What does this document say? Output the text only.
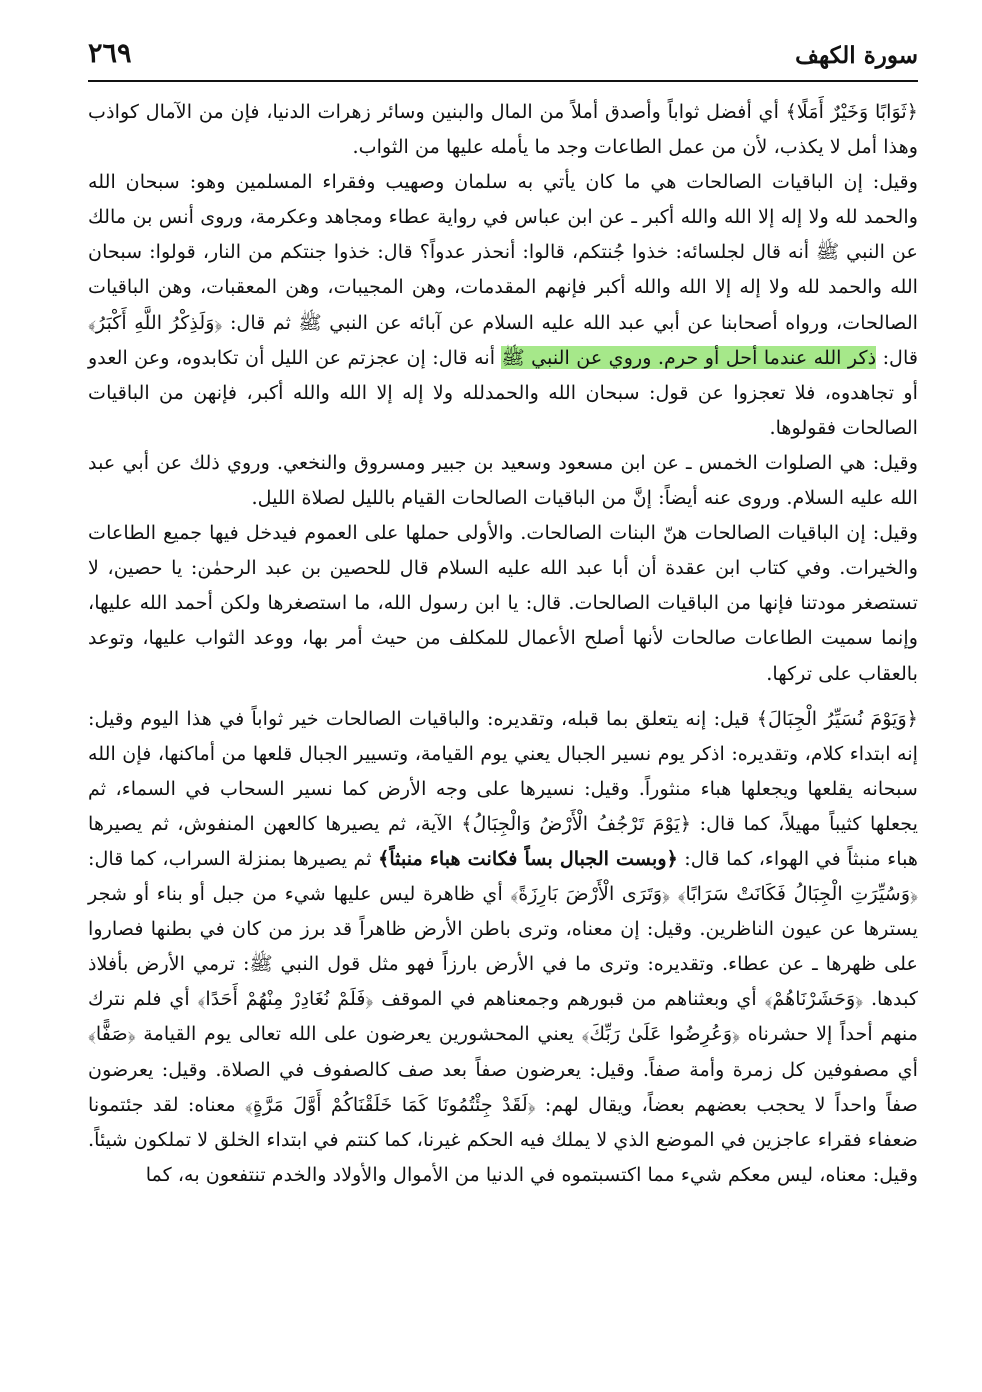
سورة الكهف
٢٦٩

﴿ثَوَابًا وَخَيْرٌ أَمَلًا﴾ أي أفضل ثواباً وأصدق أملاً من المال والبنين وسائر زهرات الدنيا، فإن من الآمال كواذب وهذا أمل لا يكذب، لأن من عمل الطاعات وجد ما يأمله عليها من الثواب.

وقيل: إن الباقيات الصالحات هي ما كان يأتي به سلمان وصهيب وفقراء المسلمين وهو: سبحان الله والحمد لله ولا إله إلا الله والله أكبر ـ عن ابن عباس في رواية عطاء ومجاهد وعكرمة، وروى أنس بن مالك عن النبي ﷺ أنه قال لجلسائه: خذوا جُنتكم، قالوا: أنحذر عدواً؟ قال: خذوا جنتكم من النار، قولوا: سبحان الله والحمد لله ولا إله إلا الله والله أكبر فإنهم المقدمات، وهن المجيبات، وهن المعقبات، وهن الباقيات الصالحات، ورواه أصحابنا عن أبي عبد الله عليه السلام عن آبائه عن النبي ﷺ ثم قال: ﴿وَلَذِكْرُ اللَّهِ أَكْبَرُ﴾ قال: ذكر الله عندما أحل أو حرم. وروي عن النبي ﷺ أنه قال: إن عجزتم عن الليل أن تكابدوه، وعن العدو أو تجاهدوه، فلا تعجزوا عن قول: سبحان الله والحمدلله ولا إله إلا الله والله أكبر، فإنهن من الباقيات الصالحات فقولوها.

وقيل: هي الصلوات الخمس ـ عن ابن مسعود وسعيد بن جبير ومسروق والنخعي. وروي ذلك عن أبي عبد الله عليه السلام. وروى عنه أيضاً: إنَّ من الباقيات الصالحات القيام بالليل لصلاة الليل.

وقيل: إن الباقيات الصالحات هنّ البنات الصالحات. والأولى حملها على العموم فيدخل فيها جميع الطاعات والخيرات. وفي كتاب ابن عقدة أن أبا عبد الله عليه السلام قال للحصين بن عبد الرحمٰن: يا حصين، لا تستصغر مودتنا فإنها من الباقيات الصالحات. قال: يا ابن رسول الله، ما استصغرها ولكن أحمد الله عليها، وإنما سميت الطاعات صالحات لأنها أصلح الأعمال للمكلف من حيث أمر بها، ووعد الثواب عليها، وتوعد بالعقاب على تركها.

﴿وَيَوْمَ نُسَيِّرُ الْجِبَالَ﴾ قيل: إنه يتعلق بما قبله، وتقديره: والباقيات الصالحات خير ثواباً في هذا اليوم وقيل: إنه ابتداء كلام، وتقديره: اذكر يوم نسير الجبال يعني يوم القيامة، وتسيير الجبال قلعها من أماكنها، فإن الله سبحانه يقلعها ويجعلها هباء منثوراً. وقيل: نسيرها على وجه الأرض كما نسير السحاب في السماء، ثم يجعلها كثيباً مهيلاً، كما قال: ﴿يَوْمَ تَرْجُفُ الْأَرْضُ وَالْجِبَالُ﴾ الآية، ثم يصيرها كالعهن المنفوش، ثم يصيرها هباء منبثاً في الهواء، كما قال: ﴿وبست الجبال بساً فكانت هباء منبثاً﴾ ثم يصيرها بمنزلة السراب، كما قال: ﴿وَسُيِّرَتِ الْجِبَالُ فَكَانَتْ سَرَابًا﴾ ﴿وَتَرَى الْأَرْضَ بَارِزَةً﴾ أي ظاهرة ليس عليها شيء من جبل أو بناء أو شجر يسترها عن عيون الناظرين. وقيل: إن معناه، وترى باطن الأرض ظاهراً قد برز من كان في بطنها فصاروا على ظهرها ـ عن عطاء. وتقديره: وترى ما في الأرض بارزاً فهو مثل قول النبي ﷺ: ترمي الأرض بأفلاذ كبدها. ﴿وَحَشَرْنَاهُمْ﴾ أي وبعثناهم من قبورهم وجمعناهم في الموقف ﴿فَلَمْ نُغَادِرْ مِنْهُمْ أَحَدًا﴾ أي فلم نترك منهم أحداً إلا حشرناه ﴿وَعُرِضُوا عَلَىٰ رَبِّكَ﴾ يعني المحشورين يعرضون على الله تعالى يوم القيامة ﴿صَفًّا﴾ أي مصفوفين كل زمرة وأمة صفاً. وقيل: يعرضون صفاً بعد صف كالصفوف في الصلاة. وقيل: يعرضون صفاً واحداً لا يحجب بعضهم بعضاً، ويقال لهم: ﴿لَقَدْ جِئْتُمُونَا كَمَا خَلَقْنَاكُمْ أَوَّلَ مَرَّةٍ﴾ معناه: لقد جئتمونا ضعفاء فقراء عاجزين في الموضع الذي لا يملك فيه الحكم غيرنا، كما كنتم في ابتداء الخلق لا تملكون شيئاً. وقيل: معناه، ليس معكم شيء مما اكتسبتموه في الدنيا من الأموال والأولاد والخدم تنتفعون به، كما
